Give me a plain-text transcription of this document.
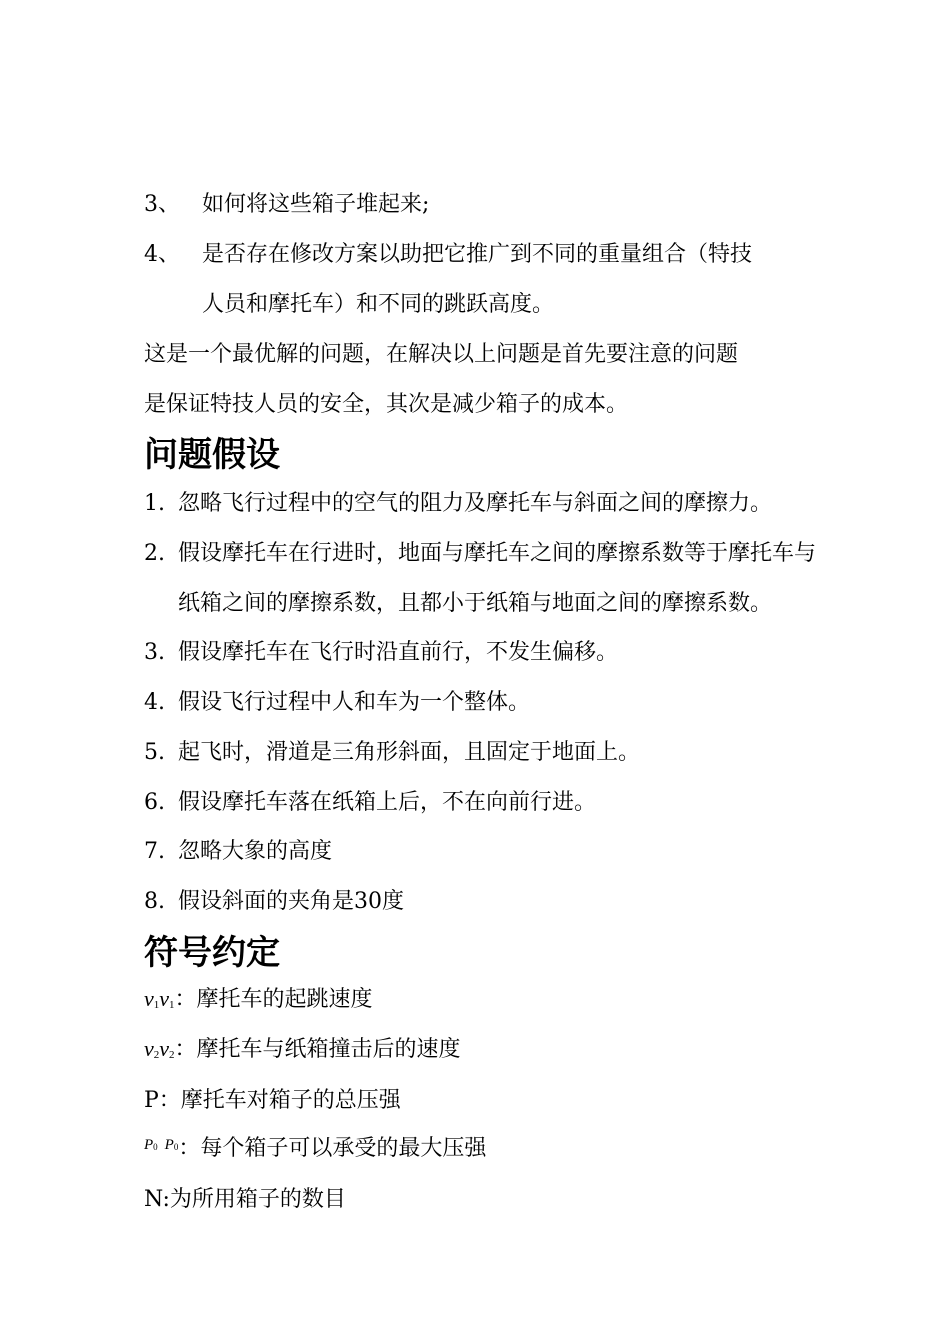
3、 如何将这些箱子堆起来;
4、 是否存在修改方案以助把它推广到不同的重量组合（特技
人员和摩托车）和不同的跳跃高度。
这是一个最优解的问题，在解决以上问题是首先要注意的问题
是保证特技人员的安全，其次是减少箱子的成本。
问题假设
1. 忽略飞行过程中的空气的阻力及摩托车与斜面之间的摩擦力。
2. 假设摩托车在行进时，地面与摩托车之间的摩擦系数等于摩托车与
纸箱之间的摩擦系数，且都小于纸箱与地面之间的摩擦系数。
3. 假设摩托车在飞行时沿直前行，不发生偏移。
4. 假设飞行过程中人和车为一个整体。
5. 起飞时，滑道是三角形斜面，且固定于地面上。
6. 假设摩托车落在纸箱上后，不在向前行进。
7. 忽略大象的高度
8. 假设斜面的夹角是30度
符号约定
v1v1：摩托车的起跳速度
v2v2：摩托车与纸箱撞击后的速度
P：摩托车对箱子的总压强
$^{P0}$ $^{P0}$：每个箱子可以承受的最大压强
N:为所用箱子的数目
